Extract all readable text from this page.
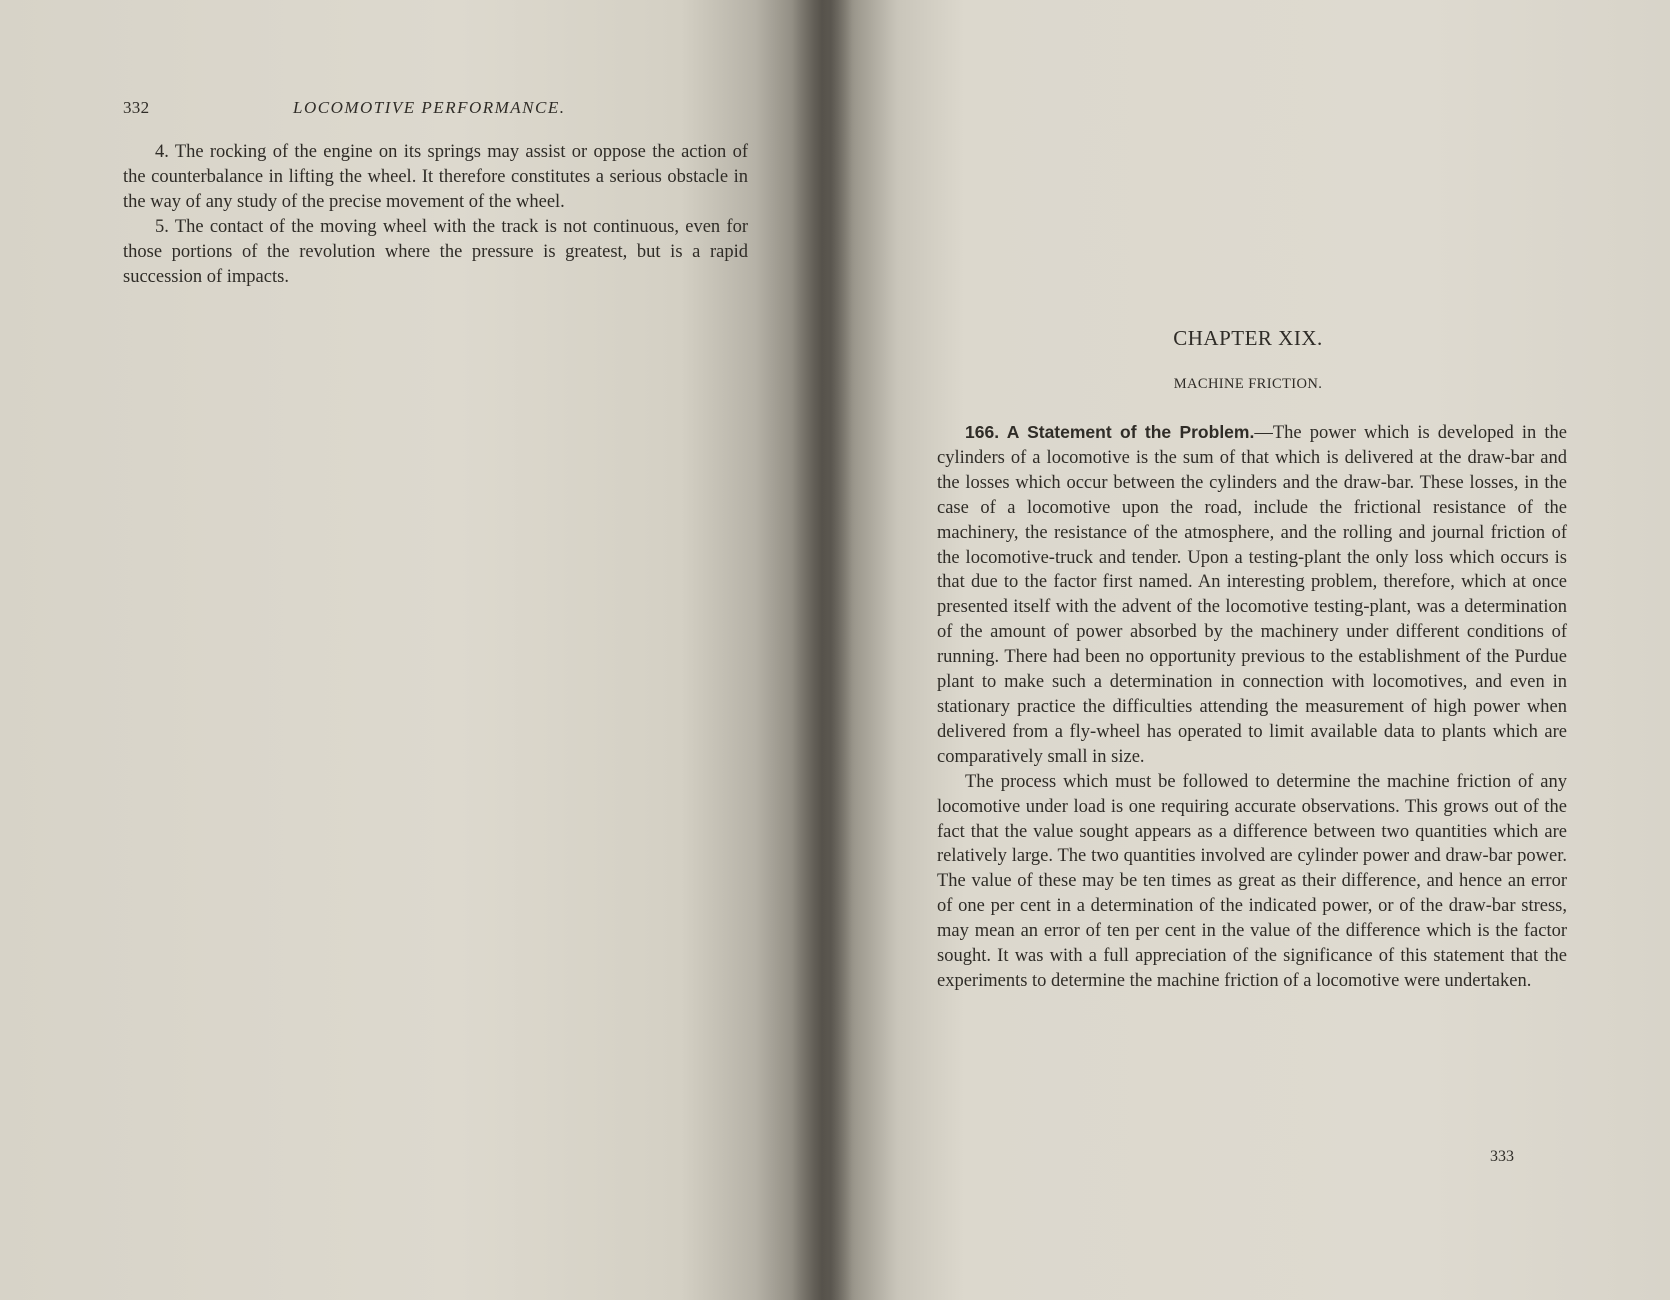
332	LOCOMOTIVE PERFORMANCE.

4. The rocking of the engine on its springs may assist or oppose the action of the counterbalance in lifting the wheel. It therefore constitutes a serious obstacle in the way of any study of the precise movement of the wheel.

5. The contact of the moving wheel with the track is not continuous, even for those portions of the revolution where the pressure is greatest, but is a rapid succession of impacts.

CHAPTER XIX.
MACHINE FRICTION.

166. A Statement of the Problem.—The power which is developed in the cylinders of a locomotive is the sum of that which is delivered at the draw-bar and the losses which occur between the cylinders and the draw-bar. These losses, in the case of a locomotive upon the road, include the frictional resistance of the machinery, the resistance of the atmosphere, and the rolling and journal friction of the locomotive-truck and tender. Upon a testing-plant the only loss which occurs is that due to the factor first named. An interesting problem, therefore, which at once presented itself with the advent of the locomotive testing-plant, was a determination of the amount of power absorbed by the machinery under different conditions of running. There had been no opportunity previous to the establishment of the Purdue plant to make such a determination in connection with locomotives, and even in stationary practice the difficulties attending the measurement of high power when delivered from a fly-wheel has operated to limit available data to plants which are comparatively small in size.

The process which must be followed to determine the machine friction of any locomotive under load is one requiring accurate observations. This grows out of the fact that the value sought appears as a difference between two quantities which are relatively large. The two quantities involved are cylinder power and draw-bar power. The value of these may be ten times as great as their difference, and hence an error of one per cent in a determination of the indicated power, or of the draw-bar stress, may mean an error of ten per cent in the value of the difference which is the factor sought. It was with a full appreciation of the significance of this statement that the experiments to determine the machine friction of a locomotive were undertaken.

333
